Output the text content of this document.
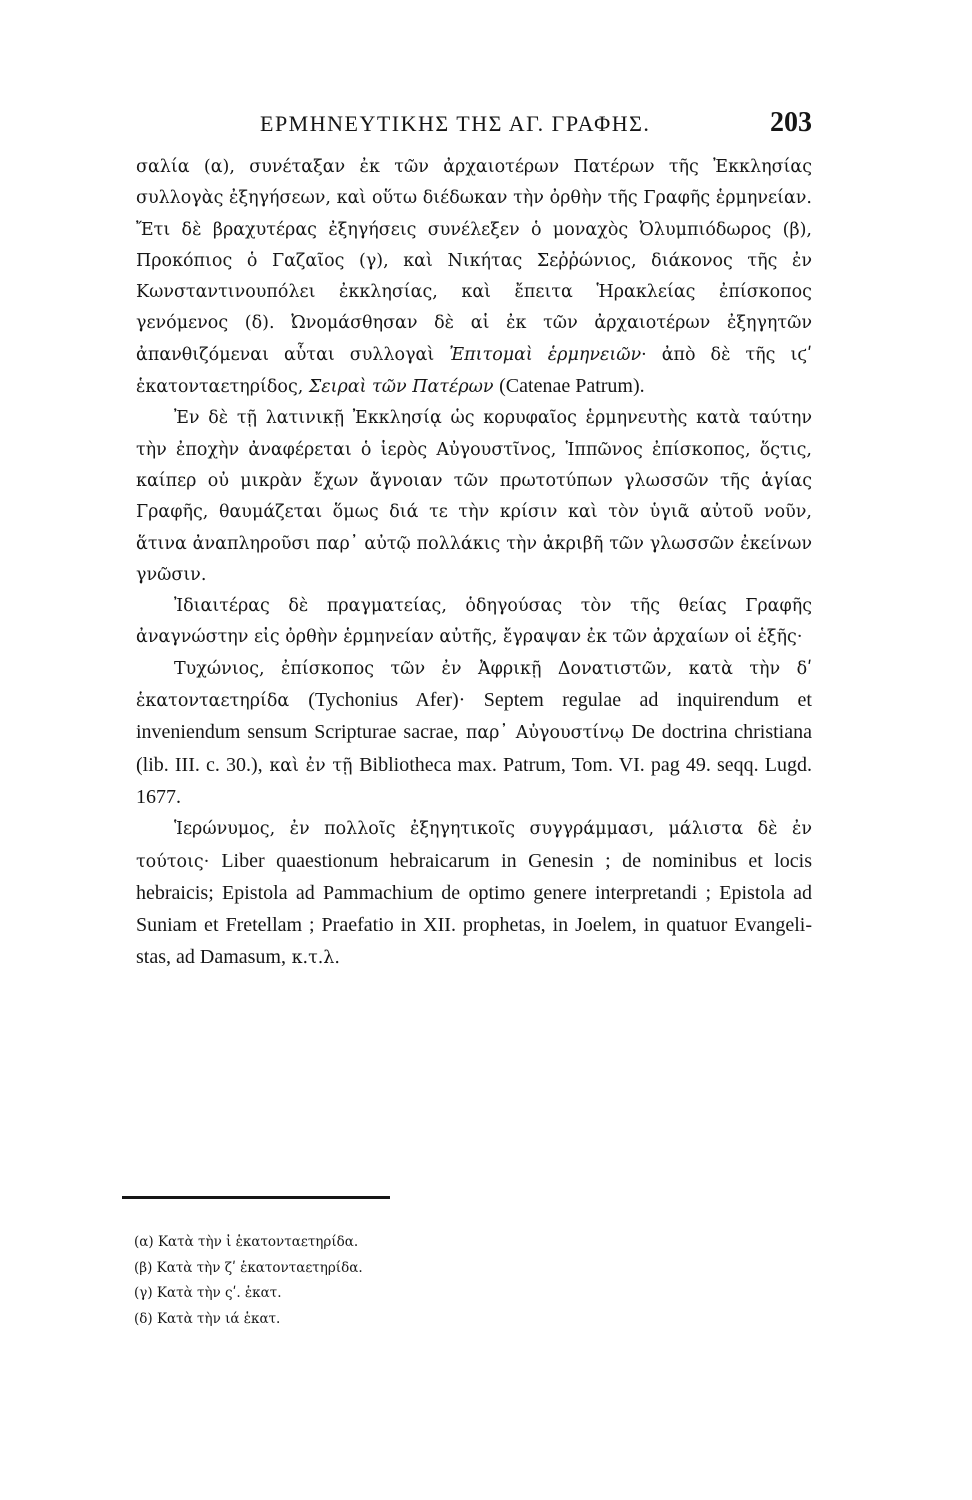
ΕΡΜΗΝΕΥΤΙΚΗΣ ΤΗΣ ΑΓ. ΓΡΑΦΗΣ.	203

σαλία (α), συνέταξαν ἐκ τῶν ἀρχαιοτέρων Πατέρων τῆς Ἐκκλησίας συλλογὰς ἐξηγήσεων, καὶ οὕτω διέδωκαν τὴν ὀρθὴν τῆς Γραφῆς ἑρμηνείαν. Ἔτι δὲ βραχυτέρας ἐξηγήσεις συνέλεξεν ὁ μοναχὸς Ὀλυμπιόδωρος (β), Προκόπιος ὁ Γαζαῖος (γ), καὶ Νικήτας Σεῤῥώνιος, διάκονος τῆς ἐν Κωνσταντινουπόλει ἐκκλησίας, καὶ ἔπειτα Ἡρακλείας ἐπίσκοπος γενόμενος (δ). Ὠνομάσθησαν δὲ αἱ ἐκ τῶν ἀρχαιοτέρων ἐξηγητῶν ἀπανθιζόμεναι αὗται συλλογαὶ Ἐπιτομαὶ ἑρμηνειῶν· ἀπὸ δὲ τῆς ιϛʹ ἑκατονταετηρίδος, Σειραὶ τῶν Πατέρων (Catenae Patrum).

Ἐν δὲ τῇ λατινικῇ Ἐκκλησίᾳ ὡς κορυφαῖος ἑρμηνευτὴς κατὰ ταύτην τὴν ἐποχὴν ἀναφέρεται ὁ ἱερὸς Αὐγουστῖνος, Ἱππῶνος ἐπίσκοπος, ὅςτις, καίπερ οὐ μικρὰν ἔχων ἄγνοιαν τῶν πρωτοτύπων γλωσσῶν τῆς ἁγίας Γραφῆς, θαυμάζεται ὅμως διά τε τὴν κρίσιν καὶ τὸν ὑγιᾶ αὐτοῦ νοῦν, ἅτινα ἀναπληροῦσι παρ᾽ αὐτῷ πολλάκις τὴν ἀκριβῆ τῶν γλωσσῶν ἐκείνων γνῶσιν.

Ἰδιαιτέρας δὲ πραγματείας, ὁδηγούσας τὸν τῆς θείας Γραφῆς ἀναγνώστην εἰς ὀρθὴν ἑρμηνείαν αὐτῆς, ἔγραψαν ἐκ τῶν ἀρχαίων οἱ ἑξῆς·

Τυχώνιος, ἐπίσκοπος τῶν ἐν Ἀφρικῇ Δονατιστῶν, κατὰ τὴν δʹ ἑκατονταετηρίδα (Tychonius Afer)· Septem regulae ad inquirendum et inveniendum sensum Scripturae sacrae, παρ᾽ Αὐγουστίνῳ De doctrina christiana (lib. III. c. 30.), καὶ ἐν τῇ Bibliotheca max. Patrum, Tom. VI. pag 49. seqq. Lugd. 1677.

Ἱερώνυμος, ἐν πολλοῖς ἐξηγητικοῖς συγγράμμασι, μάλιστα δὲ ἐν τούτοις· Liber quaestionum hebraicarum in Genesin ; de nominibus et locis hebraicis; Epistola ad Pammachium de optimo genere interpretandi ; Epistola ad Suniam et Fretellam ; Praefatio in XII. prophetas, in Joelem, in quatuor Evangelistas, ad Damasum, κ.τ.λ.

(α) Κατὰ τὴν ἰ ἑκατονταετηρίδα.
(β) Κατὰ τὴν ζʹ ἑκατονταετηρίδα.
(γ) Κατὰ τὴν ςʹ. ἑκατ.
(δ) Κατὰ τὴν ιά ἑκατ.
